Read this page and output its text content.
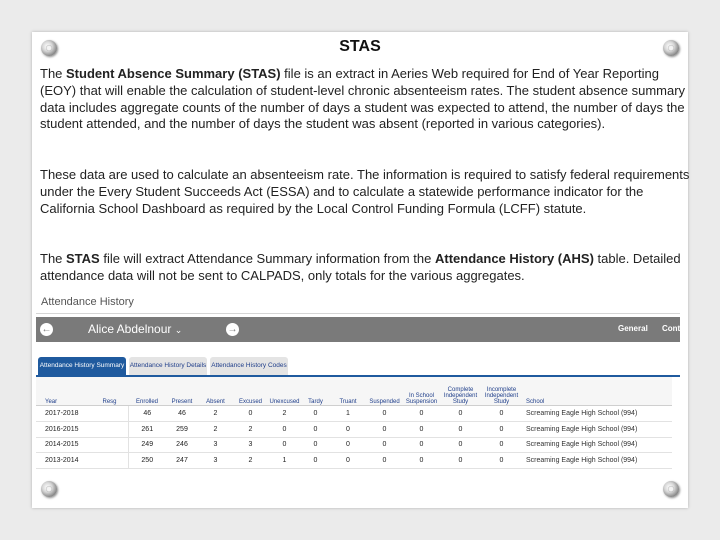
STAS

The Student Absence Summary (STAS) file is an extract in Aeries Web required for End of Year Reporting (EOY) that will enable the calculation of student-level chronic absenteeism rates. The student absence summary data includes aggregate counts of the number of days a student was expected to attend, the number of days the student attended, and the number of days the student was absent (reported in various categories).

These data are used to calculate an absenteeism rate. The information is required to satisfy federal requirements under the Every Student Succeeds Act (ESSA) and to calculate a statewide performance indicator for the California School Dashboard as required by the Local Control Funding Formula (LCFF) statute.

The STAS file will extract Attendance Summary information from the Attendance History (AHS) table. Detailed attendance data will not be sent to CALPADS, only totals for the various aggregates.

Attendance History
←	Alice Abdelnour ⌄	→	General Cont
Attendance History Summary Attendance History Details Attendance History Codes
Year	Resg	Enrolled	Present	Absent	Excused	Unexcused	Tardy	Truant	Suspended	In School Suspension	Complete Independent Study	Incomplete Independent Study	School
2017-2018		46	46	2	0	2	0	1	0	0	0	0	Screaming Eagle High School (994)
2016-2015		261	259	2	2	0	0	0	0	0	0	0	Screaming Eagle High School (994)
2014-2015		249	246	3	3	0	0	0	0	0	0	0	Screaming Eagle High School (994)
2013-2014		250	247	3	2	1	0	0	0	0	0	0	Screaming Eagle High School (994)
